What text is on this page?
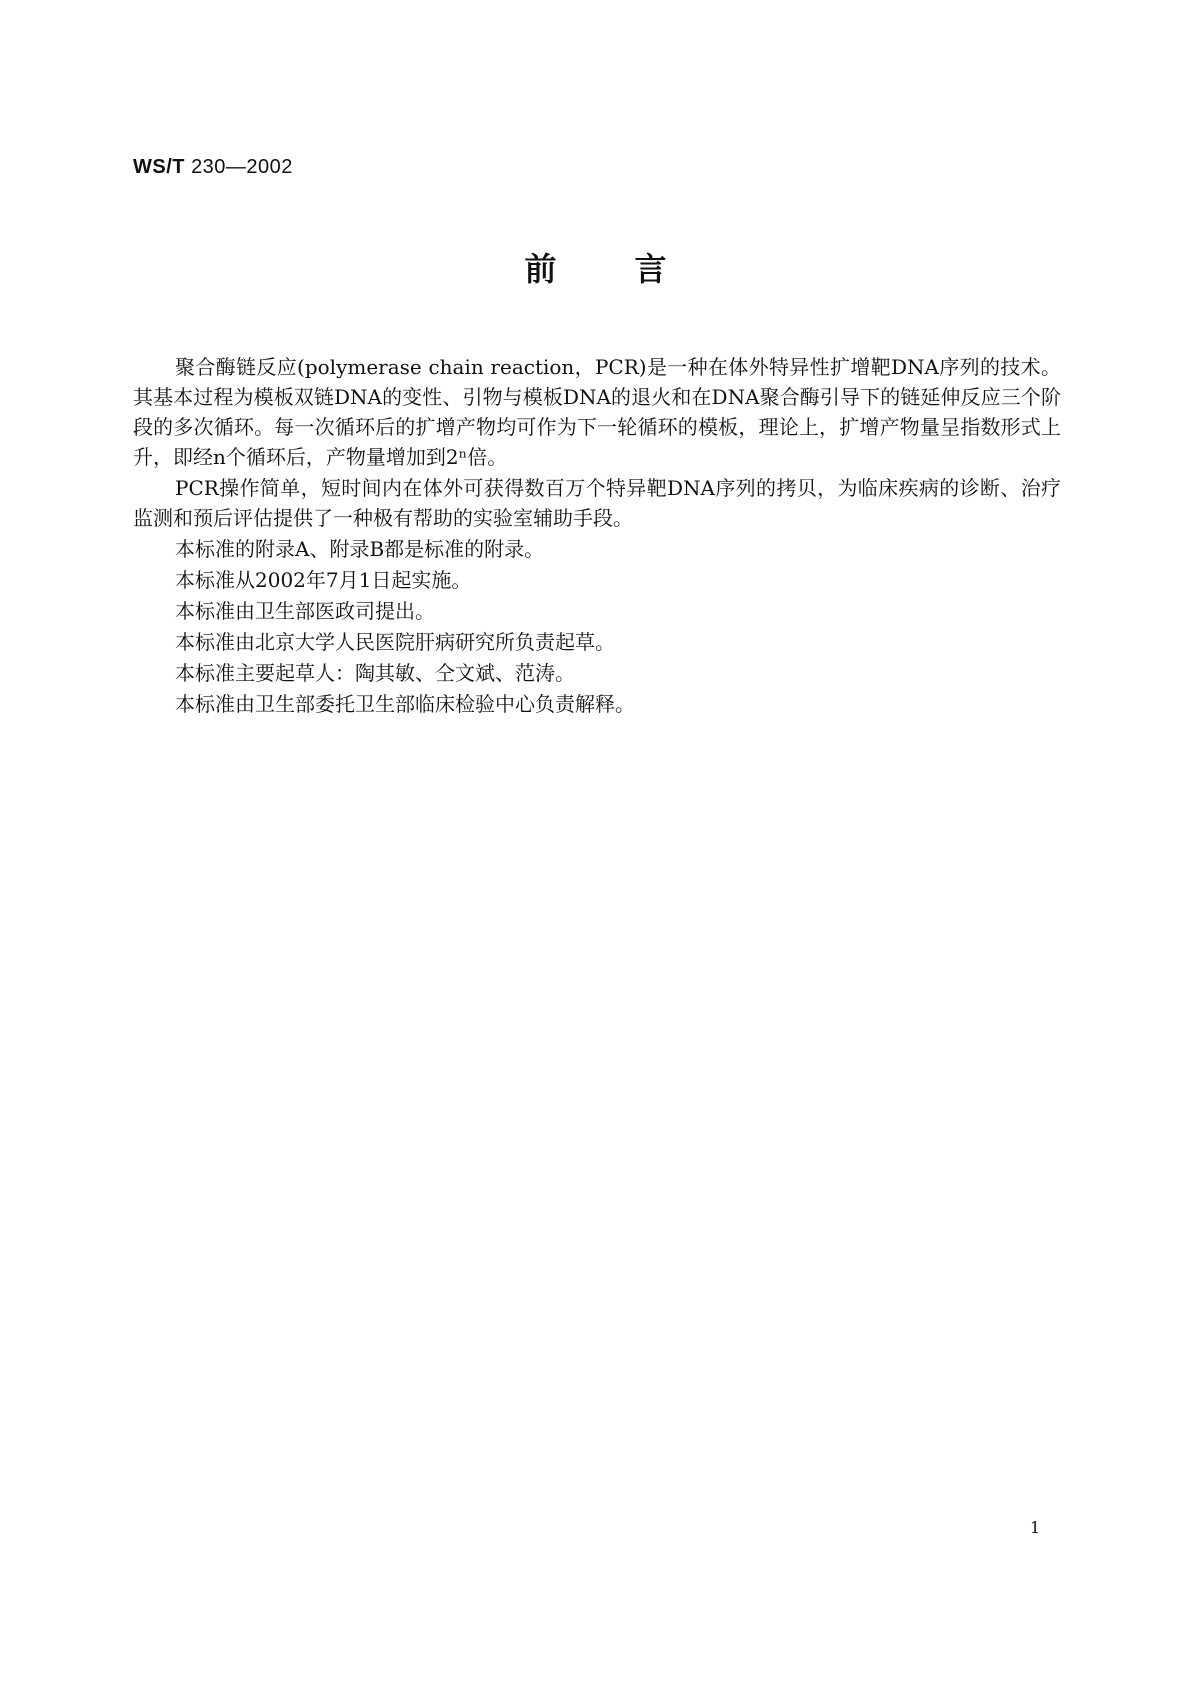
WS/T 230—2002
前言

聚合酶链反应(polymerase chain reaction，PCR)是一种在体外特异性扩增靶DNA序列的技术。其基本过程为模板双链DNA的变性、引物与模板DNA的退火和在DNA聚合酶引导下的链延伸反应三个阶段的多次循环。每一次循环后的扩增产物均可作为下一轮循环的模板，理论上，扩增产物量呈指数形式上升，即经n个循环后，产物量增加到2ⁿ倍。

PCR操作简单，短时间内在体外可获得数百万个特异靶DNA序列的拷贝，为临床疾病的诊断、治疗监测和预后评估提供了一种极有帮助的实验室辅助手段。

本标准的附录A、附录B都是标准的附录。

本标准从2002年7月1日起实施。

本标准由卫生部医政司提出。

本标准由北京大学人民医院肝病研究所负责起草。

本标准主要起草人：陶其敏、仝文斌、范涛。

本标准由卫生部委托卫生部临床检验中心负责解释。

1
